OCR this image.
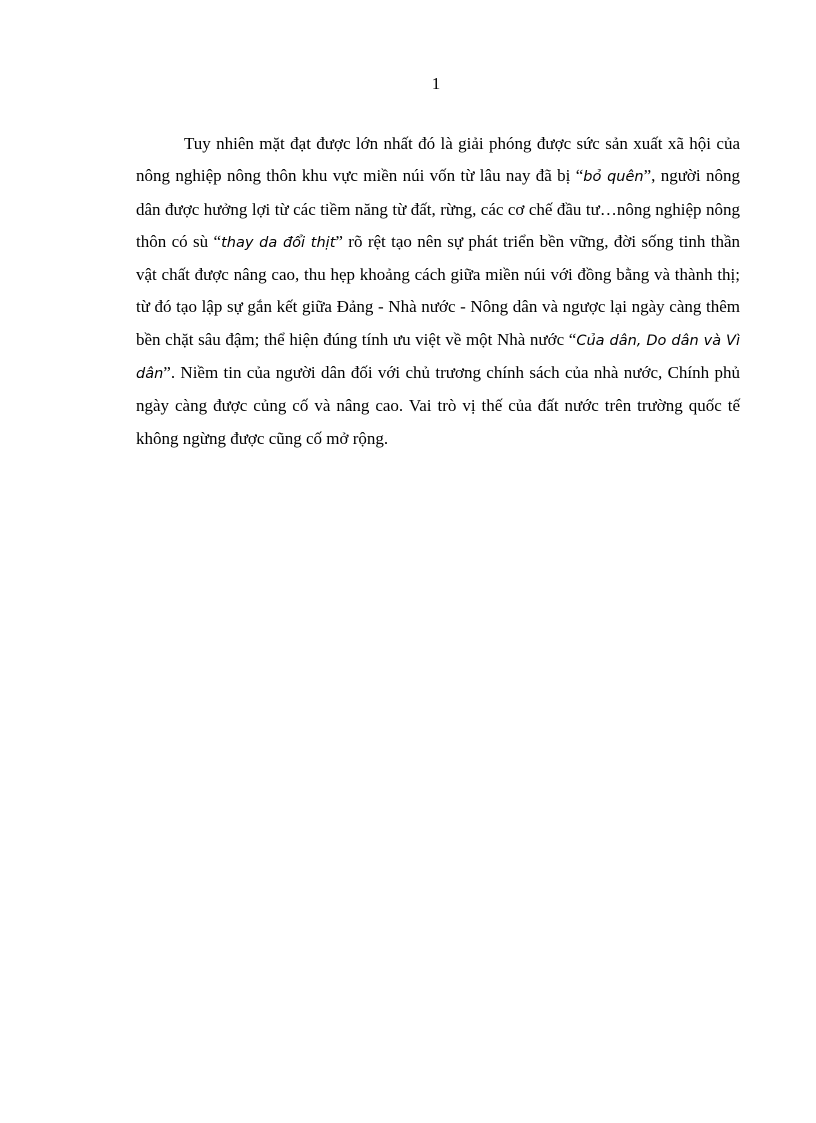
1

Tuy nhiên mặt đạt được lớn nhất đó là giải phóng được sức sản xuất xã hội của nông nghiệp nông thôn khu vực miền núi vốn từ lâu nay đã bị “bỏ quên”, người nông dân được hưởng lợi từ các tiềm năng từ đất, rừng, các cơ chế đầu tư…nông nghiệp nông thôn có sù “thay da đổi thịt” rõ rệt tạo nên sự phát triển bền vững, đời sống tinh thần vật chất được nâng cao, thu hẹp khoảng cách giữa miền núi với đồng bằng và thành thị; từ đó tạo lập sự gắn kết giữa Đảng - Nhà nước - Nông dân và ngược lại ngày càng thêm bền chặt sâu đậm; thể hiện đúng tính ưu việt về một Nhà nước “Của dân, Do dân và Vì dân”. Niềm tin của người dân đối với chủ trương chính sách của nhà nước, Chính phủ ngày càng được củng cố và nâng cao. Vai trò vị thế của đất nước trên trường quốc tế không ngừng được cũng cố mở rộng.
